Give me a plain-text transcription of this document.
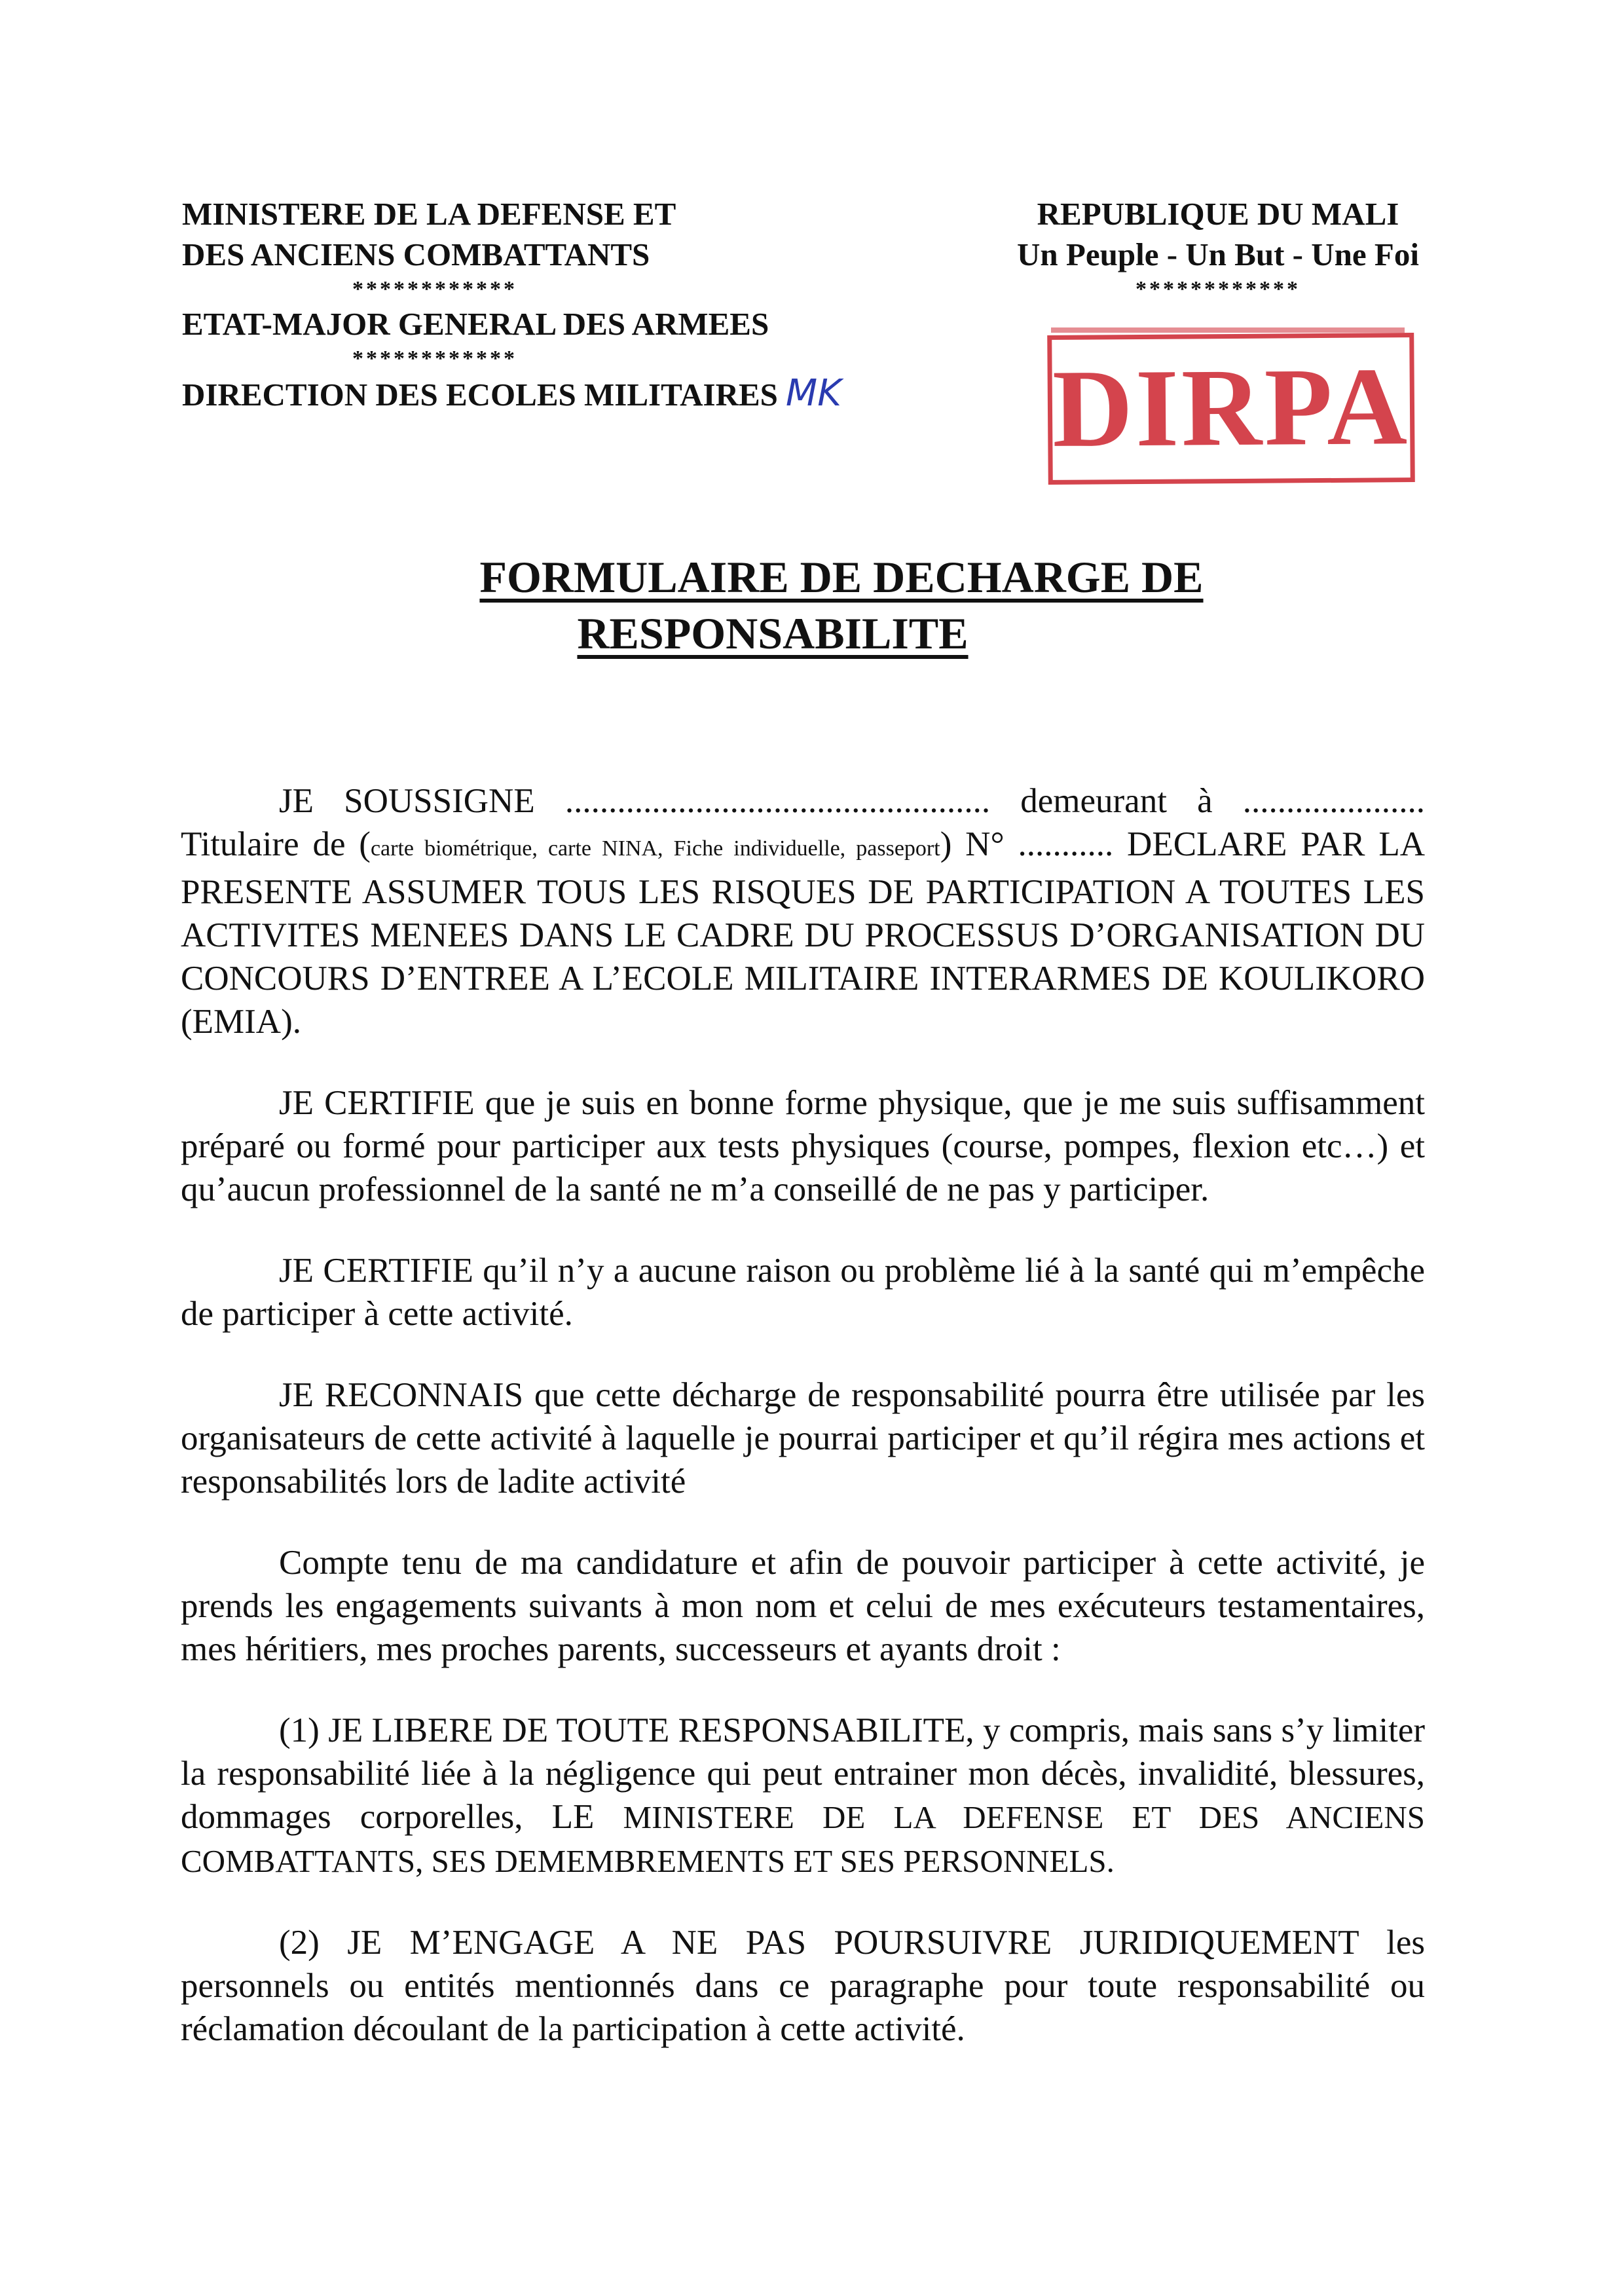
MINISTERE DE LA DEFENSE ET
DES ANCIENS COMBATTANTS
************
ETAT-MAJOR GENERAL DES ARMEES
************
DIRECTION DES ECOLES MILITAIRES MK
REPUBLIQUE DU MALI
Un Peuple - Un But - Une Foi
************
DIRPA
FORMULAIRE DE DECHARGE DE
RESPONSABILITE

JE SOUSSIGNE ................................................. demeurant à ..................... Titulaire de (carte biométrique, carte NINA, Fiche individuelle, passeport) N° ........... DECLARE PAR LA PRESENTE ASSUMER TOUS LES RISQUES DE PARTICIPATION A TOUTES LES ACTIVITES MENEES DANS LE CADRE DU PROCESSUS D’ORGANISATION DU CONCOURS D’ENTREE A L’ECOLE MILITAIRE INTERARMES DE KOULIKORO (EMIA).

JE CERTIFIE que je suis en bonne forme physique, que je me suis suffisamment préparé ou formé pour participer aux tests physiques (course, pompes, flexion etc…) et qu’aucun professionnel de la santé ne m’a conseillé de ne pas y participer.

JE CERTIFIE qu’il n’y a aucune raison ou problème lié à la santé qui m’empêche de participer à cette activité.

JE RECONNAIS que cette décharge de responsabilité pourra être utilisée par les organisateurs de cette activité à laquelle je pourrai participer et qu’il régira mes actions et responsabilités lors de ladite activité

Compte tenu de ma candidature et afin de pouvoir participer à cette activité, je prends les engagements suivants à mon nom et celui de mes exécuteurs testamentaires, mes héritiers, mes proches parents, successeurs et ayants droit :

(1) JE LIBERE DE TOUTE RESPONSABILITE, y compris, mais sans s’y limiter la responsabilité liée à la négligence qui peut entrainer mon décès, invalidité, blessures, dommages corporelles, LE MINISTERE DE LA DEFENSE ET DES ANCIENS COMBATTANTS, SES DEMEMBREMENTS ET SES PERSONNELS.

(2) JE M’ENGAGE A NE PAS POURSUIVRE JURIDIQUEMENT les personnels ou entités mentionnés dans ce paragraphe pour toute responsabilité ou réclamation découlant de la participation à cette activité.
